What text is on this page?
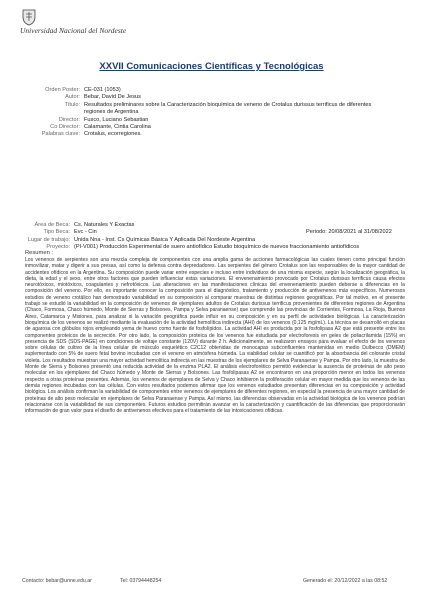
Universidad Nacional del Nordeste
XXVII Comunicaciones Científicas y Tecnológicas
Orden Poster: CE-031 (1053)
Autor: Bebar, David De Jesus
Título: Resultados preliminares sobre la Caracterización bioquímica de veneno de Crotalus durissus terrificus de diferentes regiones de Argentina
Director: Fusco, Luciano Sebastian
Co Director: Calamante, Cintia Carolina
Palabras clave: Crotalus, ecorregiones.
Área de Beca: Cs. Naturales Y Exactas
Tipo Beca: Evc - Cin
Lugar de trabajo: Unida Nna - Inst. Cs Químicas Básica Y Aplicada Del Nordeste Argentina
Proyecto: (PI-V001) Producción Experimental de suero antiofídico Estudio bioquímico de nuevos fraccionamiento antiofídicos
Periodo: 20/08/2021 al 31/08/2022
Resumen :

Los venenos de serpientes son una mezcla compleja de componentes con una amplia gama de acciones farmacológicas las cuales tienen como principal función inmovilizar, matar y digerir a sus presas, así como la defensa contra depredadores. Las serpientes del género Crotalus son las responsables de la mayor cantidad de accidentes ofídicos en la Argentina. Su composición puede variar entre especies e incluso entre individuos de una misma especie, según la localización geográfica, la dieta, la edad y el sexo, entre otros factores que pueden influenciar estas variaciones. El envenenamiento provocado por Crotalus durissus terrificus causa efectos neurotóxicos, miotóxicos, coagulantes y nefrotóxicos. Las alteraciones en las manifestaciones clínicas del envenenamiento pueden deberse a diferencias en la composición del veneno. Por ello, es importante conocer la composición para el diagnóstico, tratamiento y producción de antivenenos más específicos. Numerosos estudios de veneno crotálico han demostrado variabilidad en su composición al comparar muestras de distintas regiones geográficas. Por tal motivo, en el presente trabajo se estudió la variabilidad en la composición de venenos de ejemplares adultos de Crotalus durissus terrificus provenientes de diferentes regiones de Argentina (Chaco, Formosa, Chaco húmedo, Monte de Sierras y Bolsones, Pampa y Selva paranaense) que comprende las provincias de Corrientes, Formosa, La Rioja, Buenos Aires, Catamarca y Misiones, para analizar si la variación geográfica puede influir en su composición y en su perfil de actividades biológicas. La caracterización bioquímica de los venenos se realizó mediante la evaluación de la actividad hemolítica indirecta (AHI) de los venenos (0,125 mg/mL). La técnica se desarrolló en placas de agarosa con glóbulos rojos empleando yema de huevo como fuente de fosfolípidos. La actividad AHI es producida por la fosfolipasa A2 que está presente entre los componentes proteicos de la secreción. Por otro lado, la composición proteica de los venenos fue estudiada por electroforesis en geles de poliacrilamida (15%) en presencia de SDS (SDS-PAGE) en condiciones de voltaje constante (120V) durante 2 h. Adicionalmente, se realizaron ensayos para evaluar el efecto de los venenos sobre células de cultivo de la línea celular de músculo esquelético C2C12 obtenidas de monocapas subconfluentes mantenidas en medio Dulbecco (DMEM) suplementado con 5% de suero fetal bovino incubadas con el veneno en atmósfera húmeda. La viabilidad celular se cuantificó por la absorbancia del colorante cristal violeta. Los resultados muestran una mayor actividad hemolítica indirecta en las muestras de los ejemplares de Selva Paranaense y Pampa. Por otro lado, la muestra de Monte de Sierra y Bolsones presentó una reducida actividad de la enzima PLA2. El análisis electroforético permitió evidenciar la ausencia de proteínas de alto peso molecular en los ejemplares del Chaco húmedo y Monte de Sierras y Bolsones. Las fosfolipasas A2 se encontraron en una proporción menor en todos los venenos respecto a otras proteínas presentes. Además, los venenos de ejemplares de Selva y Chaco inhibieron la proliferación celular en mayor medida que los venenos de las demás regiones incubadas con las células. Con estos resultados podemos afirmar que los venenos estudiados presentan diferencias en su composición y actividad biológica. Los análisis confirman la variabilidad de componentes entre venenos de ejemplares de diferentes regiones, en especial la presencia de una mayor cantidad de proteínas de alto peso molecular en ejemplares de Selva Paranaense y Pampa. Así mismo, las diferencias observadas en la actividad biológica de los venenos podrían relacionarse con la variabilidad de sus componentes. Futuros estudios permitirán avanzar en la caracterización y cuantificación de las diferencias que proporcionarán información de gran valor para el diseño de antivenenos efectivos para el tratamiento de las intoxicaciones ofídicas.

Contacto: bebar@unne.edu.ar	Tel: 03794448254	Generado el: 20/12/2022 a las 08:52
